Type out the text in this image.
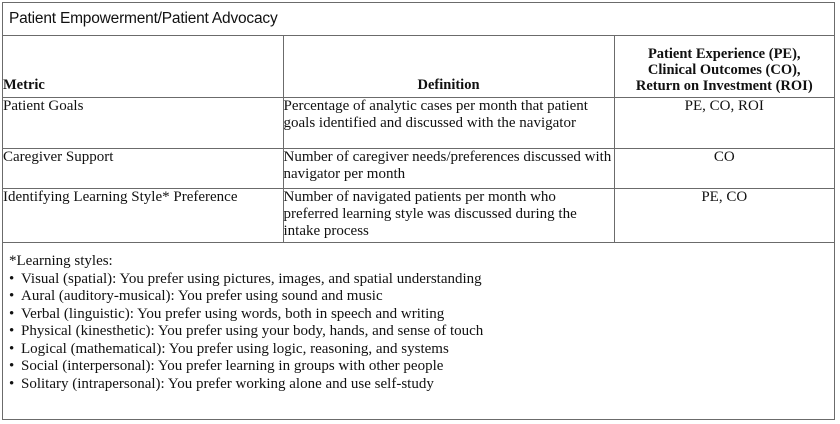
Patient Empowerment/Patient Advocacy
Metric	Definition	Patient Experience (PE),
Clinical Outcomes (CO),
Return on Investment (ROI)

Patient Goals	Percentage of analytic cases per month that patient goals identified and discussed with the navigator	PE, CO, ROI
Caregiver Support	Number of caregiver needs/preferences discussed with navigator per month	CO
Identifying Learning Style* Preference	Number of navigated patients per month who preferred learning style was discussed during the intake process	PE, CO
*Learning styles:
• Visual (spatial): You prefer using pictures, images, and spatial understanding
• Aural (auditory-musical): You prefer using sound and music
• Verbal (linguistic): You prefer using words, both in speech and writing
• Physical (kinesthetic): You prefer using your body, hands, and sense of touch
• Logical (mathematical): You prefer using logic, reasoning, and systems
• Social (interpersonal): You prefer learning in groups with other people
• Solitary (intrapersonal): You prefer working alone and use self-study
